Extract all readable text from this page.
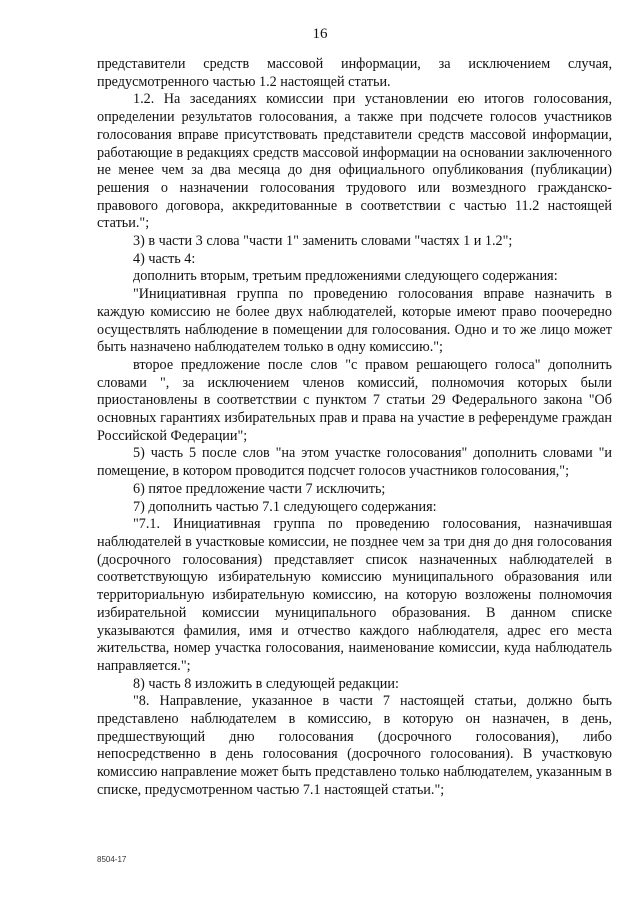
16

представители средств массовой информации, за исключением случая, предусмотренного частью 1.2 настоящей статьи.

1.2. На заседаниях комиссии при установлении ею итогов голосования, определении результатов голосования, а также при подсчете голосов участников голосования вправе присутствовать представители средств массовой информации, работающие в редакциях средств массовой информации на основании заключенного не менее чем за два месяца до дня официального опубликования (публикации) решения о назначении голосования трудового или возмездного гражданско-правового договора, аккредитованные в соответствии с частью 11.2 настоящей статьи.";

3) в части 3 слова "части 1" заменить словами "частях 1 и 1.2";

4) часть 4:

дополнить вторым, третьим предложениями следующего содержания:

"Инициативная группа по проведению голосования вправе назначить в каждую комиссию не более двух наблюдателей, которые имеют право поочередно осуществлять наблюдение в помещении для голосования. Одно и то же лицо может быть назначено наблюдателем только в одну комиссию.";

второе предложение после слов "с правом решающего голоса" дополнить словами ", за исключением членов комиссий, полномочия которых были приостановлены в соответствии с пунктом 7 статьи 29 Федерального закона "Об основных гарантиях избирательных прав и права на участие в референдуме граждан Российской Федерации";

5) часть 5 после слов "на этом участке голосования" дополнить словами "и помещение, в котором проводится подсчет голосов участников голосования,";

6) пятое предложение части 7 исключить;

7) дополнить частью 7.1 следующего содержания:

"7.1. Инициативная группа по проведению голосования, назначившая наблюдателей в участковые комиссии, не позднее чем за три дня до дня голосования (досрочного голосования) представляет список назначенных наблюдателей в соответствующую избирательную комиссию муниципального образования или территориальную избирательную комиссию, на которую возложены полномочия избирательной комиссии муниципального образования. В данном списке указываются фамилия, имя и отчество каждого наблюдателя, адрес его места жительства, номер участка голосования, наименование комиссии, куда наблюдатель направляется.";

8) часть 8 изложить в следующей редакции:

"8. Направление, указанное в части 7 настоящей статьи, должно быть представлено наблюдателем в комиссию, в которую он назначен, в день, предшествующий дню голосования (досрочного голосования), либо непосредственно в день голосования (досрочного голосования). В участковую комиссию направление может быть представлено только наблюдателем, указанным в списке, предусмотренном частью 7.1 настоящей статьи.";

8504-17
